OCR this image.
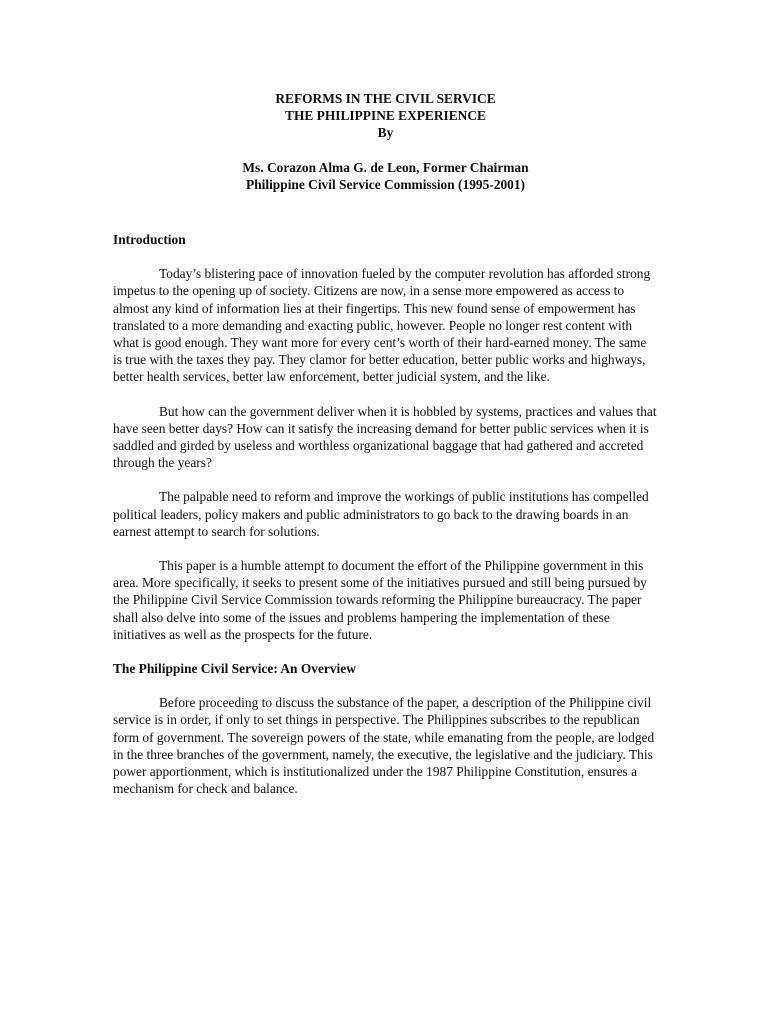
REFORMS IN THE CIVIL SERVICE
THE PHILIPPINE EXPERIENCE
By
Ms. Corazon Alma G. de Leon, Former Chairman
Philippine Civil Service Commission (1995-2001)
Introduction

Today’s blistering pace of innovation fueled by the computer revolution has afforded strong impetus to the opening up of society. Citizens are now, in a sense more empowered as access to almost any kind of information lies at their fingertips. This new found sense of empowerment has translated to a more demanding and exacting public, however. People no longer rest content with what is good enough. They want more for every cent’s worth of their hard-earned money. The same is true with the taxes they pay. They clamor for better education, better public works and highways, better health services, better law enforcement, better judicial system, and the like.

But how can the government deliver when it is hobbled by systems, practices and values that have seen better days? How can it satisfy the increasing demand for better public services when it is saddled and girded by useless and worthless organizational baggage that had gathered and accreted through the years?

The palpable need to reform and improve the workings of public institutions has compelled political leaders, policy makers and public administrators to go back to the drawing boards in an earnest attempt to search for solutions.

This paper is a humble attempt to document the effort of the Philippine government in this area. More specifically, it seeks to present some of the initiatives pursued and still being pursued by the Philippine Civil Service Commission towards reforming the Philippine bureaucracy. The paper shall also delve into some of the issues and problems hampering the implementation of these initiatives as well as the prospects for the future.

The Philippine Civil Service: An Overview

Before proceeding to discuss the substance of the paper, a description of the Philippine civil service is in order, if only to set things in perspective. The Philippines subscribes to the republican form of government. The sovereign powers of the state, while emanating from the people, are lodged in the three branches of the government, namely, the executive, the legislative and the judiciary. This power apportionment, which is institutionalized under the 1987 Philippine Constitution, ensures a mechanism for check and balance.
